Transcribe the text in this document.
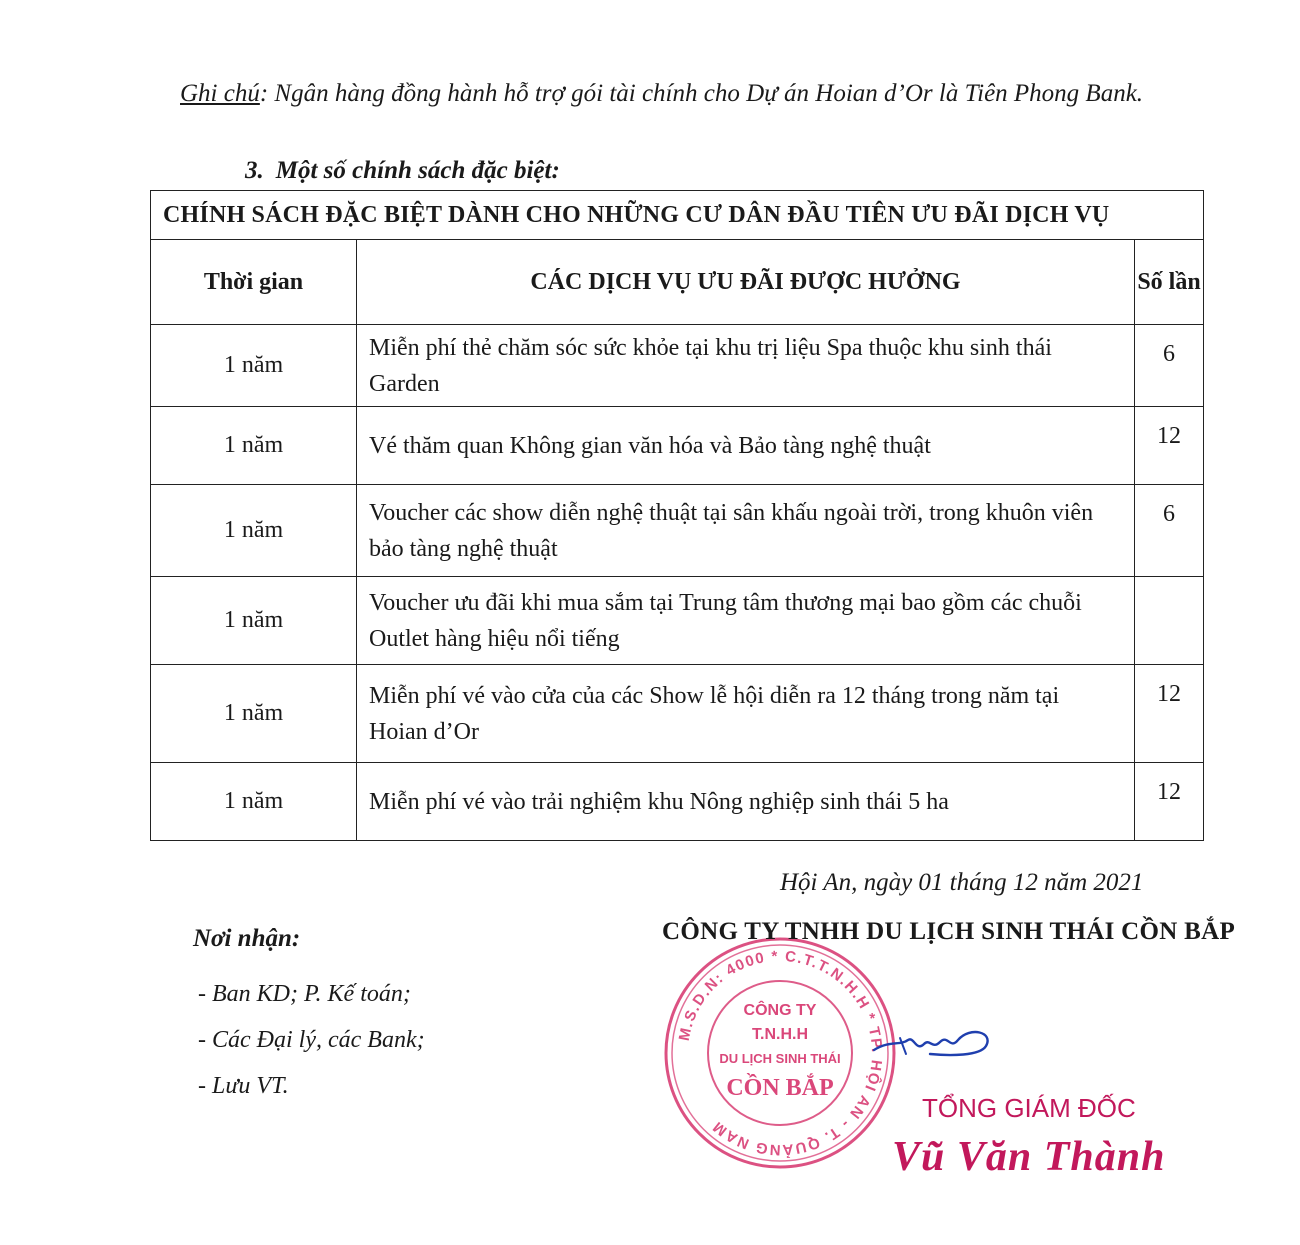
Ghi chú: Ngân hàng đồng hành hỗ trợ gói tài chính cho Dự án Hoian d’Or là Tiên Phong Bank.
3. Một số chính sách đặc biệt:
CHÍNH SÁCH ĐẶC BIỆT DÀNH CHO NHỮNG CƯ DÂN ĐẦU TIÊN ƯU ĐÃI DỊCH VỤ		
Thời gian	CÁC DỊCH VỤ ƯU ĐÃI ĐƯỢC HƯỞNG	Số lần
1 năm	Miễn phí thẻ chăm sóc sức khỏe tại khu trị liệu Spa thuộc khu sinh thái Garden	6
1 năm	Vé thăm quan Không gian văn hóa và Bảo tàng nghệ thuật	12
1 năm	Voucher các show diễn nghệ thuật tại sân khấu ngoài trời, trong khuôn viên bảo tàng nghệ thuật	6
1 năm	Voucher ưu đãi khi mua sắm tại Trung tâm thương mại bao gồm các chuỗi Outlet hàng hiệu nổi tiếng	
1 năm	Miễn phí vé vào cửa của các Show lễ hội diễn ra 12 tháng trong năm tại Hoian d’Or	12
1 năm	Miễn phí vé vào trải nghiệm khu Nông nghiệp sinh thái 5 ha	12
Hội An, ngày 01 tháng 12 năm 2021
Nơi nhận:
- Ban KD; P. Kế toán;
- Các Đại lý, các Bank;
- Lưu VT.
M.S.D.N: 4000 * C.T.T.N.H.H * TP. HỘI AN - T. QUẢNG NAM
CÔNG TY
T.N.H.H
DU LỊCH SINH THÁI
CỒN BẮP
CÔNG TY TNHH DU LỊCH SINH THÁI CỒN BẮP
TỔNG GIÁM ĐỐC
Vũ Văn Thành
